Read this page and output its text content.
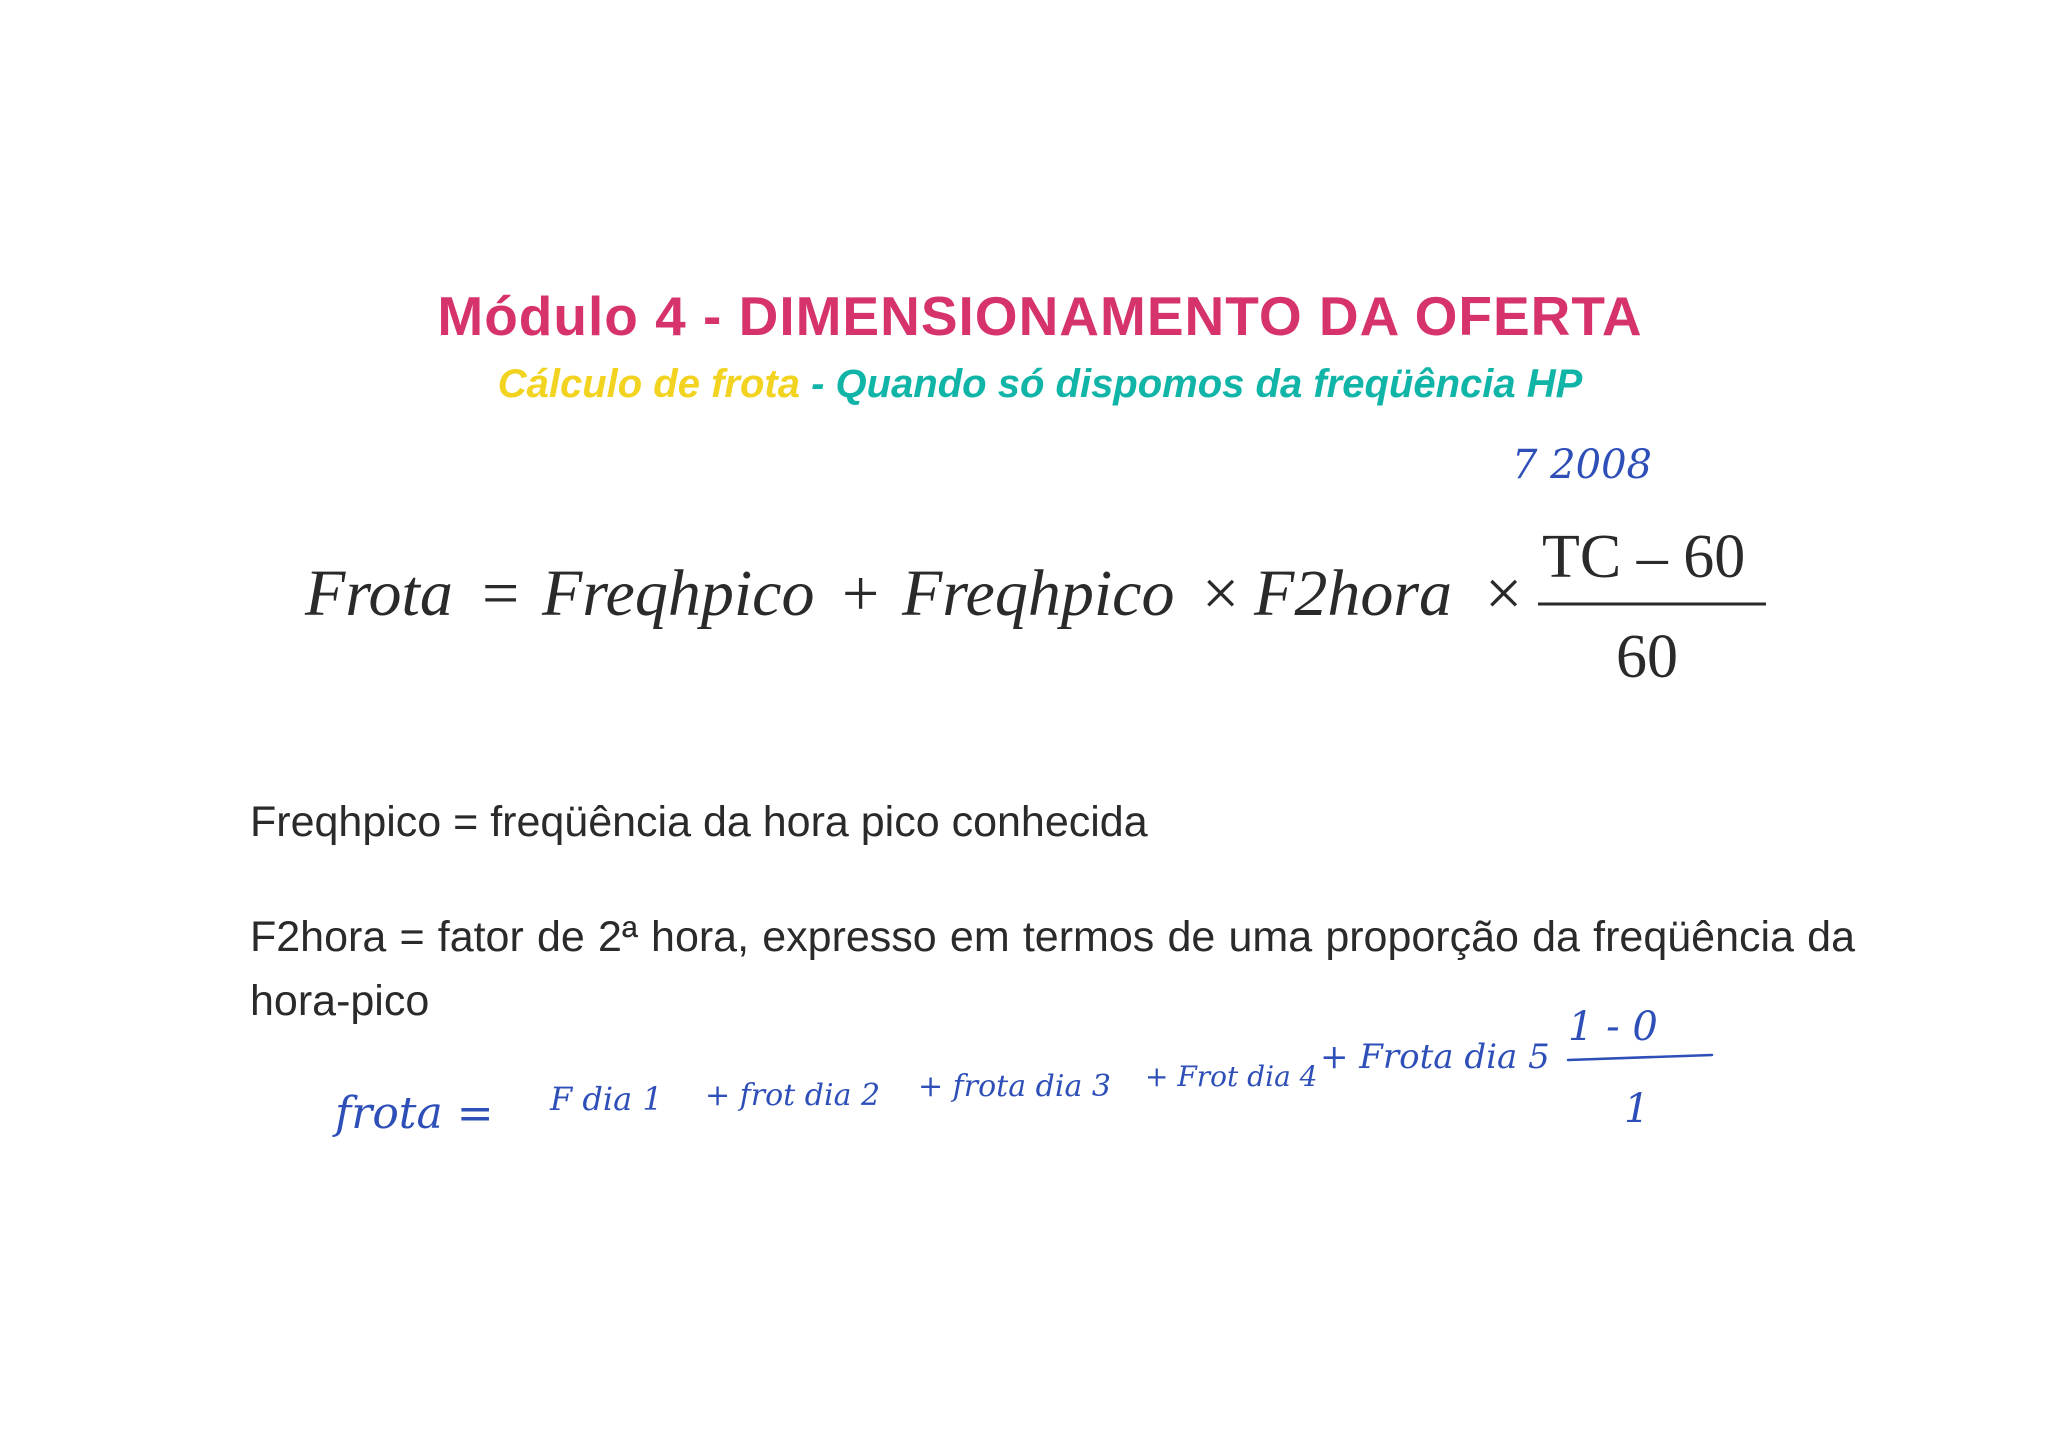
Módulo 4 - DIMENSIONAMENTO DA OFERTA
Cálculo de frota - Quando só dispomos da freqüência HP
7 2008
Frota = Freqhpico + Freqhpico × F2hora × TC – 60
60
frota = F dia 1 + frot dia 2 + frota dia 3 + Frot dia 4 + Frota dia 5
1 - 0
1
Freqhpico = freqüência da hora pico conhecida
F2hora = fator de 2ª hora, expresso em termos de uma proporção da freqüência da hora-pico
